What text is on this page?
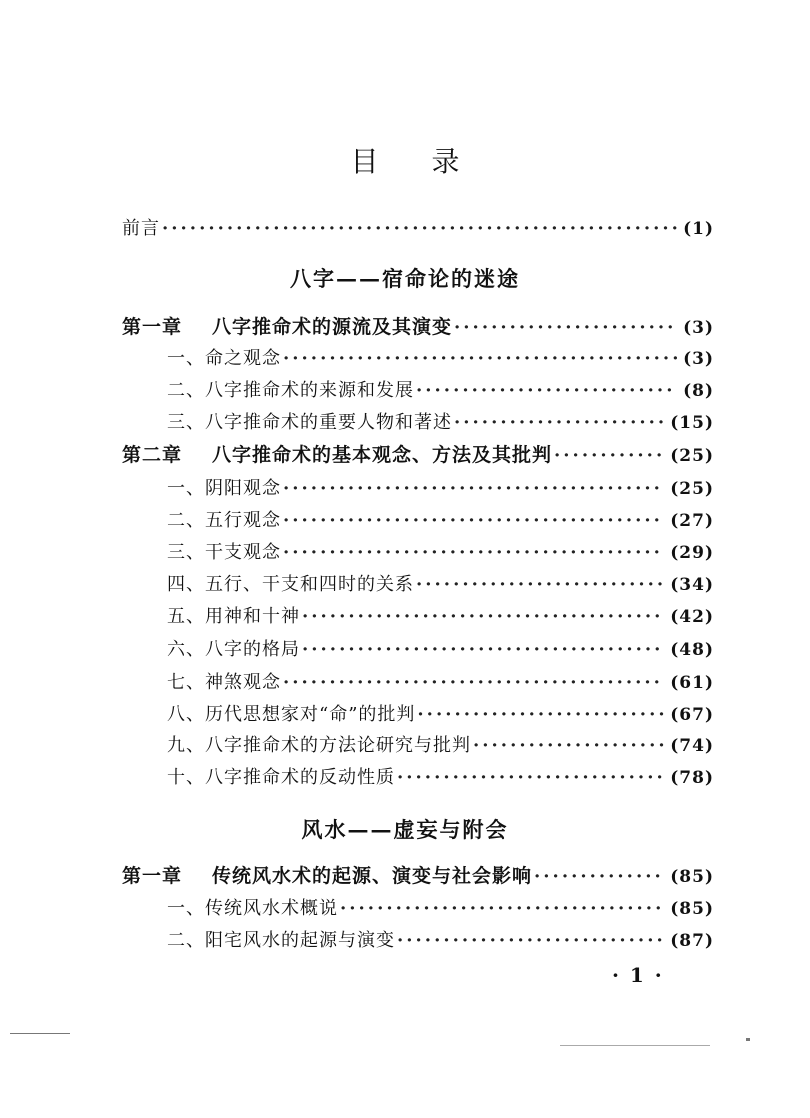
目 录
前言 ·····	(1)
八字——宿命论的迷途
第一章 八字推命术的源流及其演变 ·····	(3)
一、命之观念 ·····	(3)
二、八字推命术的来源和发展 ·····	(8)
三、八字推命术的重要人物和著述 ·····	(15)
第二章 八字推命术的基本观念、方法及其批判 ·····	(25)
一、阴阳观念 ·····	(25)
二、五行观念 ·····	(27)
三、干支观念 ·····	(29)
四、五行、干支和四时的关系 ·····	(34)
五、用神和十神 ·····	(42)
六、八字的格局 ·····	(48)
七、神煞观念 ·····	(61)
八、历代思想家对“命”的批判 ·····	(67)
九、八字推命术的方法论研究与批判 ·····	(74)
十、八字推命术的反动性质 ·····	(78)
风水——虚妄与附会
第一章 传统风水术的起源、演变与社会影响 ·····	(85)
一、传统风水术概说 ·····	(85)
二、阳宅风水的起源与演变 ·····	(87)
· 1 ·
